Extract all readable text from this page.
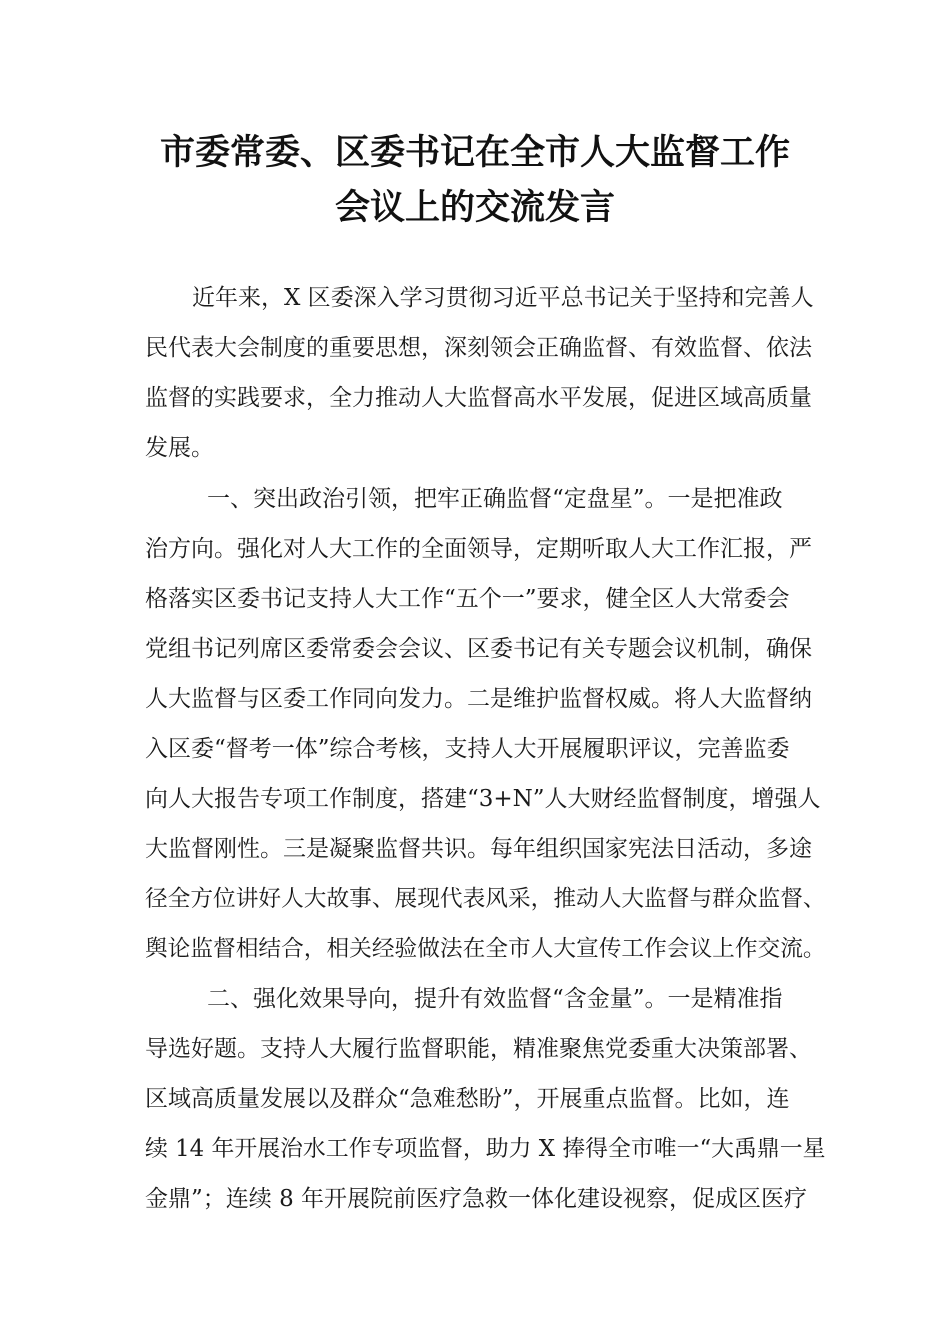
市委常委、区委书记在全市人大监督工作
会议上的交流发言

近年来，X 区委深入学习贯彻习近平总书记关于坚持和完善人

民代表大会制度的重要思想，深刻领会正确监督、有效监督、依法

监督的实践要求，全力推动人大监督高水平发展，促进区域高质量

发展。

一、突出政治引领，把牢正确监督“定盘星”。一是把准政

治方向。强化对人大工作的全面领导，定期听取人大工作汇报，严

格落实区委书记支持人大工作“五个一”要求，健全区人大常委会

党组书记列席区委常委会会议、区委书记有关专题会议机制，确保

人大监督与区委工作同向发力。二是维护监督权威。将人大监督纳

入区委“督考一体”综合考核，支持人大开展履职评议，完善监委

向人大报告专项工作制度，搭建“3+N”人大财经监督制度，增强人

大监督刚性。三是凝聚监督共识。每年组织国家宪法日活动，多途

径全方位讲好人大故事、展现代表风采，推动人大监督与群众监督、

舆论监督相结合，相关经验做法在全市人大宣传工作会议上作交流。

二、强化效果导向，提升有效监督“含金量”。一是精准指

导选好题。支持人大履行监督职能，精准聚焦党委重大决策部署、

区域高质量发展以及群众“急难愁盼”，开展重点监督。比如，连

续 14 年开展治水工作专项监督，助力 X 捧得全市唯一“大禹鼎一星

金鼎”；连续 8 年开展院前医疗急救一体化建设视察，促成区医疗
